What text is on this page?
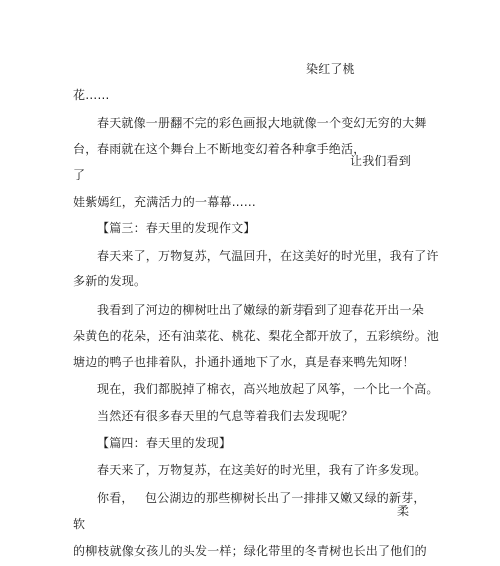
染红了桃
花……
春天就像一册翻不完的彩色画报，
大地就像一个变幻无穷的大舞
台， 春雨就在这个舞台上不断地变幻着各种拿手绝活，
让我们看到
了
娃紫嫣红，充满活力的一幕幕……
【篇三：春天里的发现作文】
春天来了，万物复苏，气温回升，在这美好的时光里，我有了许
多新的发现。
我看到了河边的柳树吐出了嫩绿的新芽，
看到了迎春花开出一朵
朵黄色的花朵，还有油菜花、桃花、梨花全都开放了，五彩缤纷。池
塘边的鸭子也排着队，扑通扑通地下了水，真是春来鸭先知呀！
现在，我们都脱掉了棉衣，高兴地放起了风筝，一个比一个高。
当然还有很多春天里的气息等着我们去发现呢？
【篇四：春天里的发现】
春天来了，万物复苏，在这美好的时光里，我有了许多发现。
你看， 包公湖边的那些柳树长出了一排排又嫩又绿的新芽，
柔
软
的柳枝就像女孩儿的头发一样；绿化带里的冬青树也长出了他们的
